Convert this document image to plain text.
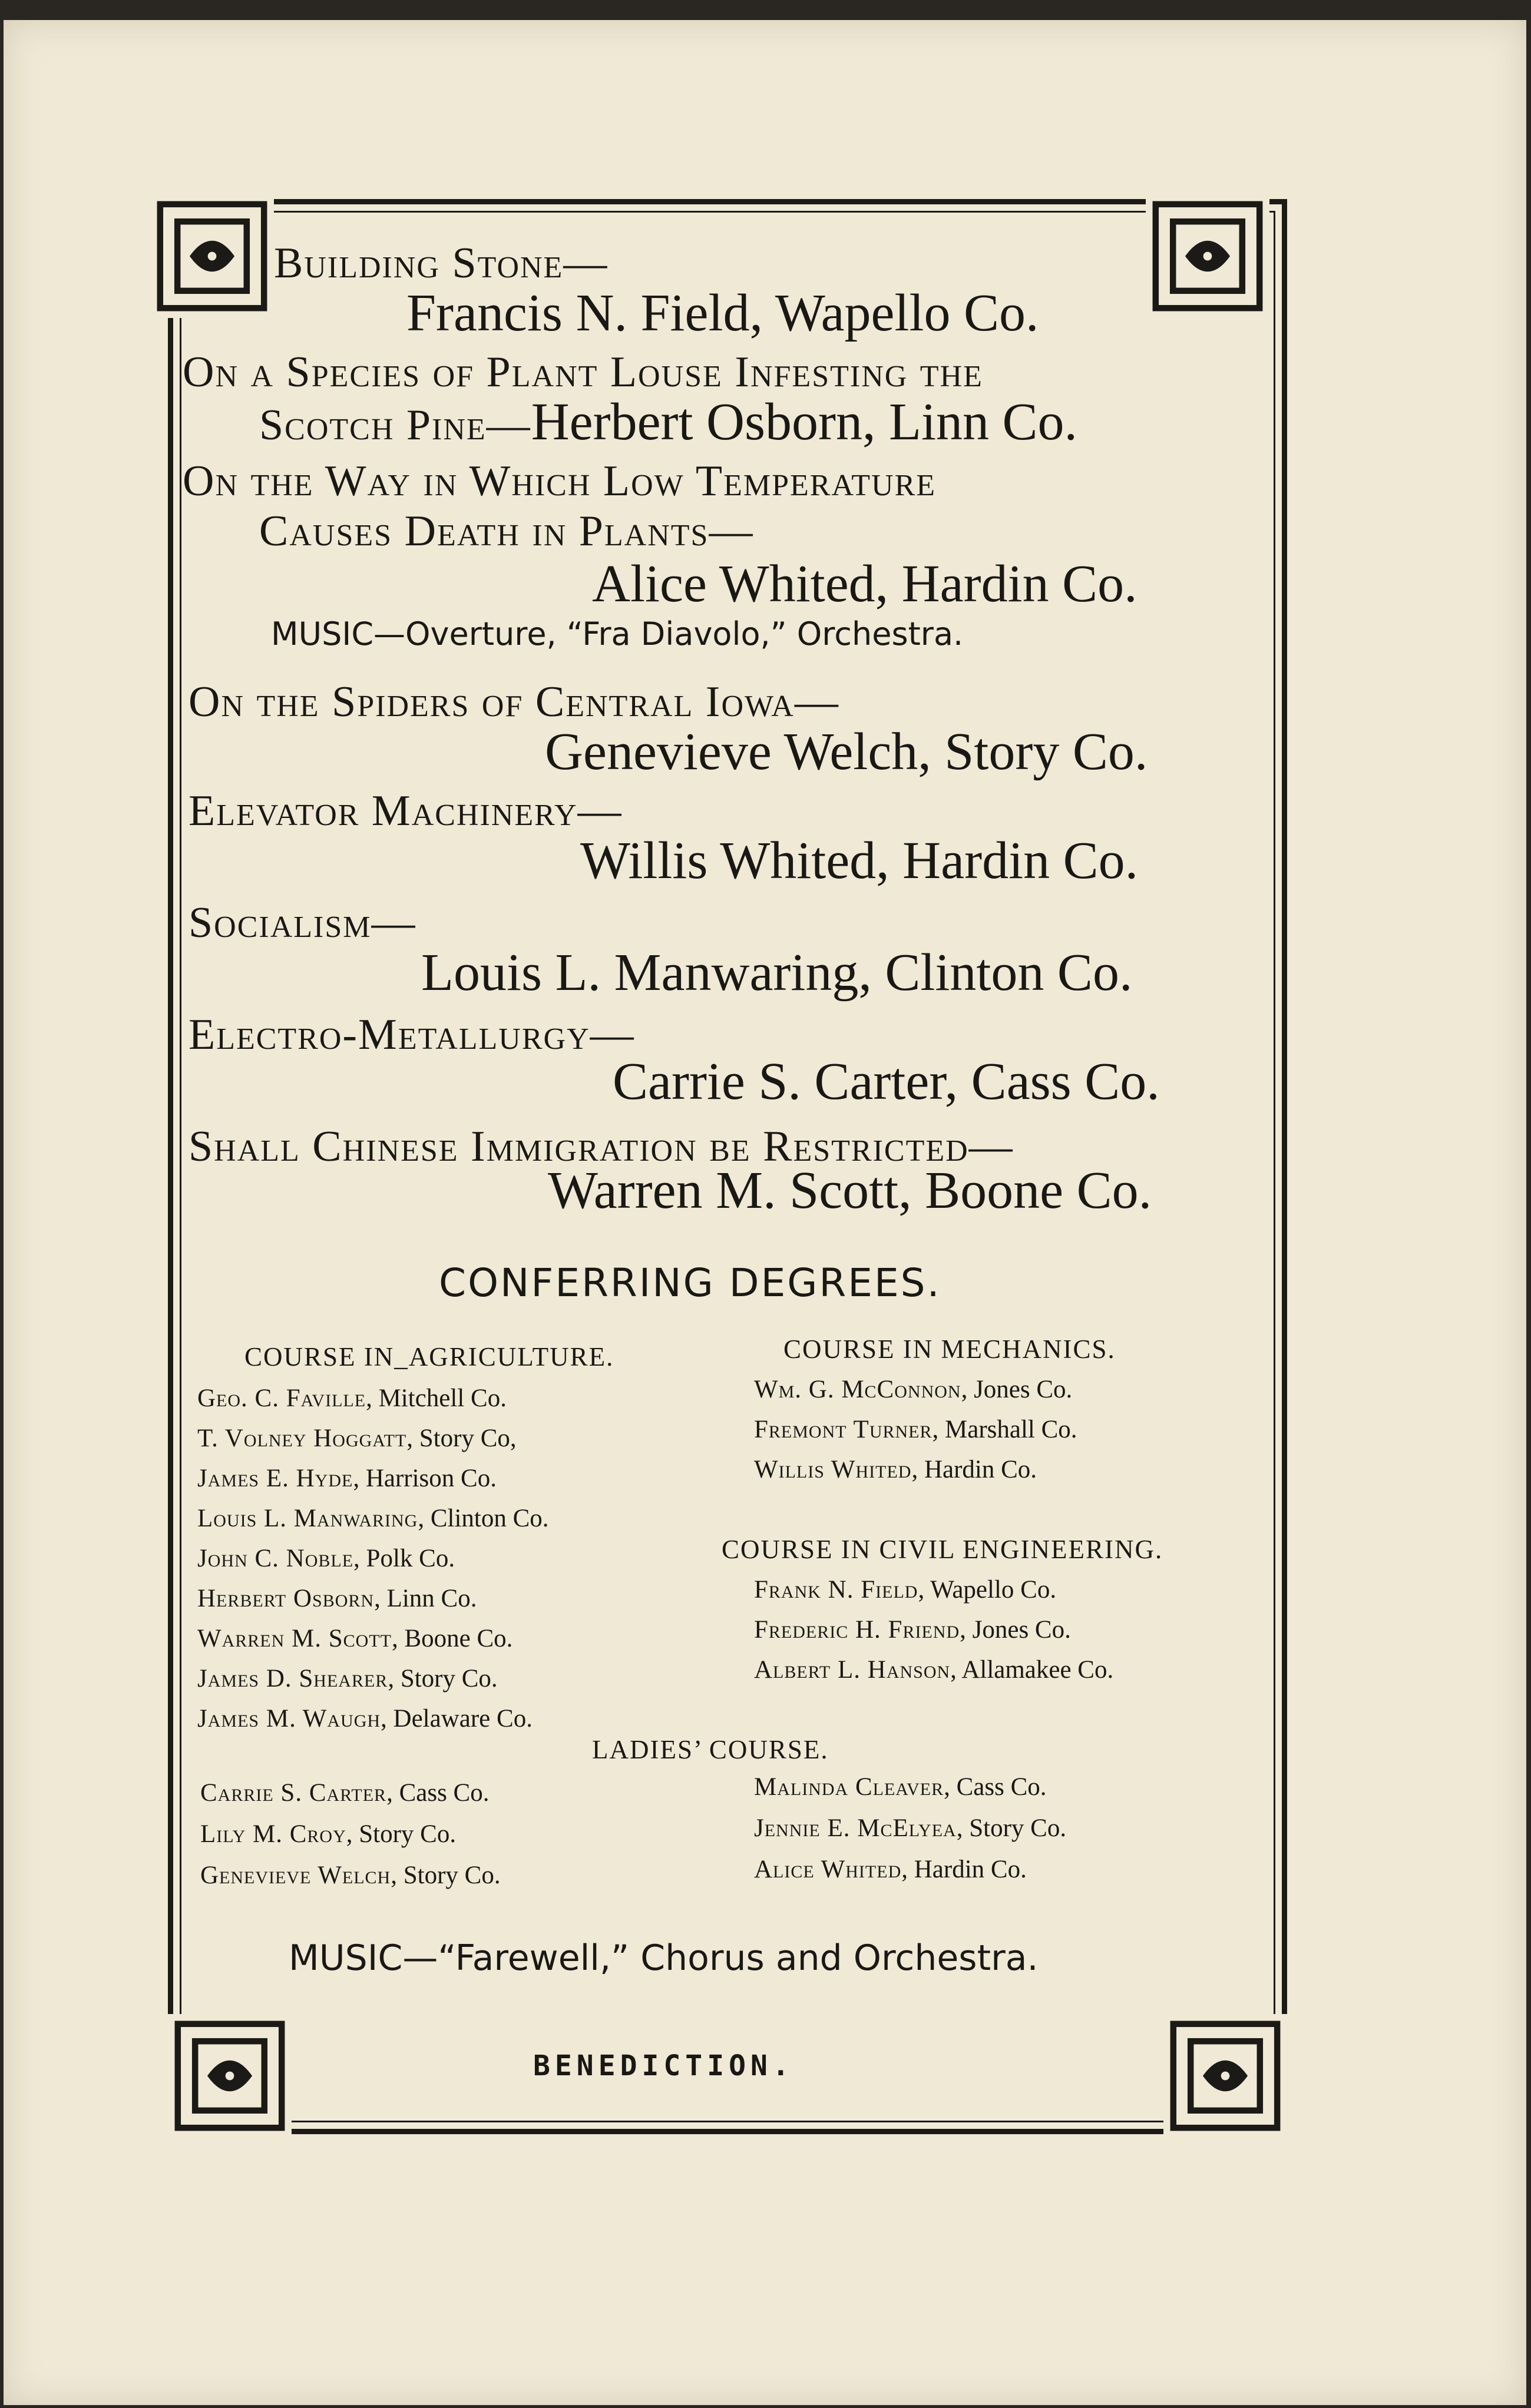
Building Stone—
Francis N. Field, Wapello Co.
On a Species of Plant Louse Infesting the
Scotch Pine—Herbert Osborn, Linn Co.
On the Way in Which Low Temperature
Causes Death in Plants—
Alice Whited, Hardin Co.
MUSIC—Overture, “Fra Diavolo,” Orchestra.
On the Spiders of Central Iowa—
Genevieve Welch, Story Co.
Elevator Machinery—
Willis Whited, Hardin Co.
Socialism—
Louis L. Manwaring, Clinton Co.
Electro-Metallurgy—
Carrie S. Carter, Cass Co.
Shall Chinese Immigration be Restricted—
Warren M. Scott, Boone Co.
CONFERRING DEGREES.
COURSE IN_AGRICULTURE.	COURSE IN MECHANICS.
Geo. C. Faville, Mitchell Co.
T. Volney Hoggatt, Story Co,
James E. Hyde, Harrison Co.
Louis L. Manwaring, Clinton Co.
John C. Noble, Polk Co.
Herbert Osborn, Linn Co.
Warren M. Scott, Boone Co.
James D. Shearer, Story Co.
James M. Waugh, Delaware Co.
Wm. G. McConnon, Jones Co.
Fremont Turner, Marshall Co.
Willis Whited, Hardin Co.
COURSE IN CIVIL ENGINEERING.
Frank N. Field, Wapello Co.
Frederic H. Friend, Jones Co.
Albert L. Hanson, Allamakee Co.
LADIES’ COURSE.
Carrie S. Carter, Cass Co.
Lily M. Croy, Story Co.
Genevieve Welch, Story Co.
Malinda Cleaver, Cass Co.
Jennie E. McElyea, Story Co.
Alice Whited, Hardin Co.
MUSIC—“Farewell,” Chorus and Orchestra.
BENEDICTION.
